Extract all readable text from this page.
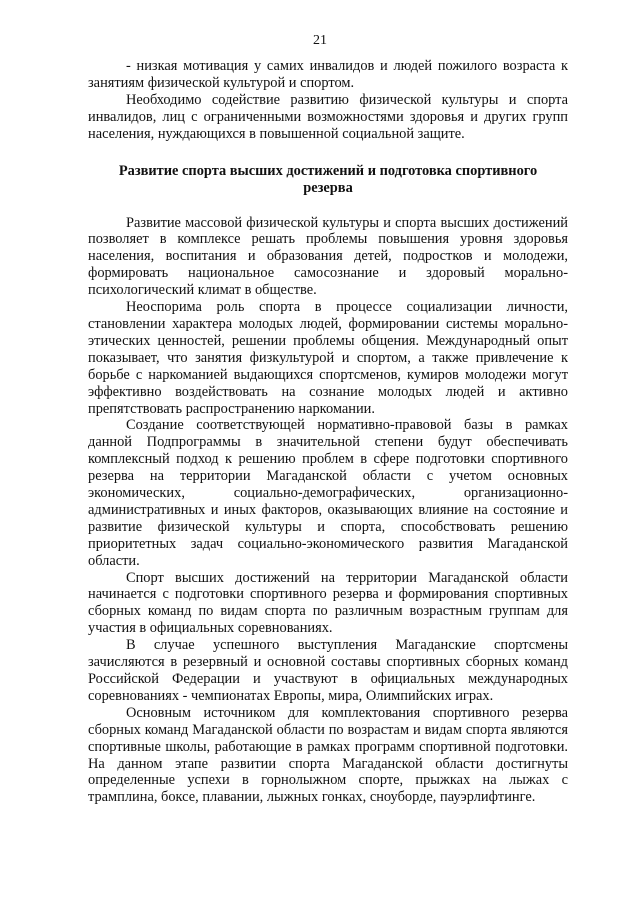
21

- низкая мотивация у самих инвалидов и людей пожилого возраста к занятиям физической культурой и спортом.

Необходимо содействие развитию физической культуры и спорта инвалидов, лиц с ограниченными возможностями здоровья и других групп населения, нуждающихся в повышенной социальной защите.

Развитие спорта высших достижений и подготовка спортивного
резерва

Развитие массовой физической культуры и спорта высших достижений позволяет в комплексе решать проблемы повышения уровня здоровья населения, воспитания и образования детей, подростков и молодежи, формировать национальное самосознание и здоровый морально-психологический климат в обществе.

Неоспорима роль спорта в процессе социализации личности, становлении характера молодых людей, формировании системы морально-этических ценностей, решении проблемы общения. Международный опыт показывает, что занятия физкультурой и спортом, а также привлечение к борьбе с наркоманией выдающихся спортсменов, кумиров молодежи могут эффективно воздействовать на сознание молодых людей и активно препятствовать распространению наркомании.

Создание соответствующей нормативно-правовой базы в рамках данной Подпрограммы в значительной степени будут обеспечивать комплексный подход к решению проблем в сфере подготовки спортивного резерва на территории Магаданской области с учетом основных экономических, социально-демографических, организационно-административных и иных факторов, оказывающих влияние на состояние и развитие физической культуры и спорта, способствовать решению приоритетных задач социально-экономического развития Магаданской области.

Спорт высших достижений на территории Магаданской области начинается с подготовки спортивного резерва и формирования спортивных сборных команд по видам спорта по различным возрастным группам для участия в официальных соревнованиях.

В случае успешного выступления Магаданские спортсмены зачисляются в резервный и основной составы спортивных сборных команд Российской Федерации и участвуют в официальных международных соревнованиях - чемпионатах Европы, мира, Олимпийских играх.

Основным источником для комплектования спортивного резерва сборных команд Магаданской области по возрастам и видам спорта являются спортивные школы, работающие в рамках программ спортивной подготовки. На данном этапе развитии спорта Магаданской области достигнуты определенные успехи в горнолыжном спорте, прыжках на лыжах с трамплина, боксе, плавании, лыжных гонках, сноуборде, пауэрлифтинге.
